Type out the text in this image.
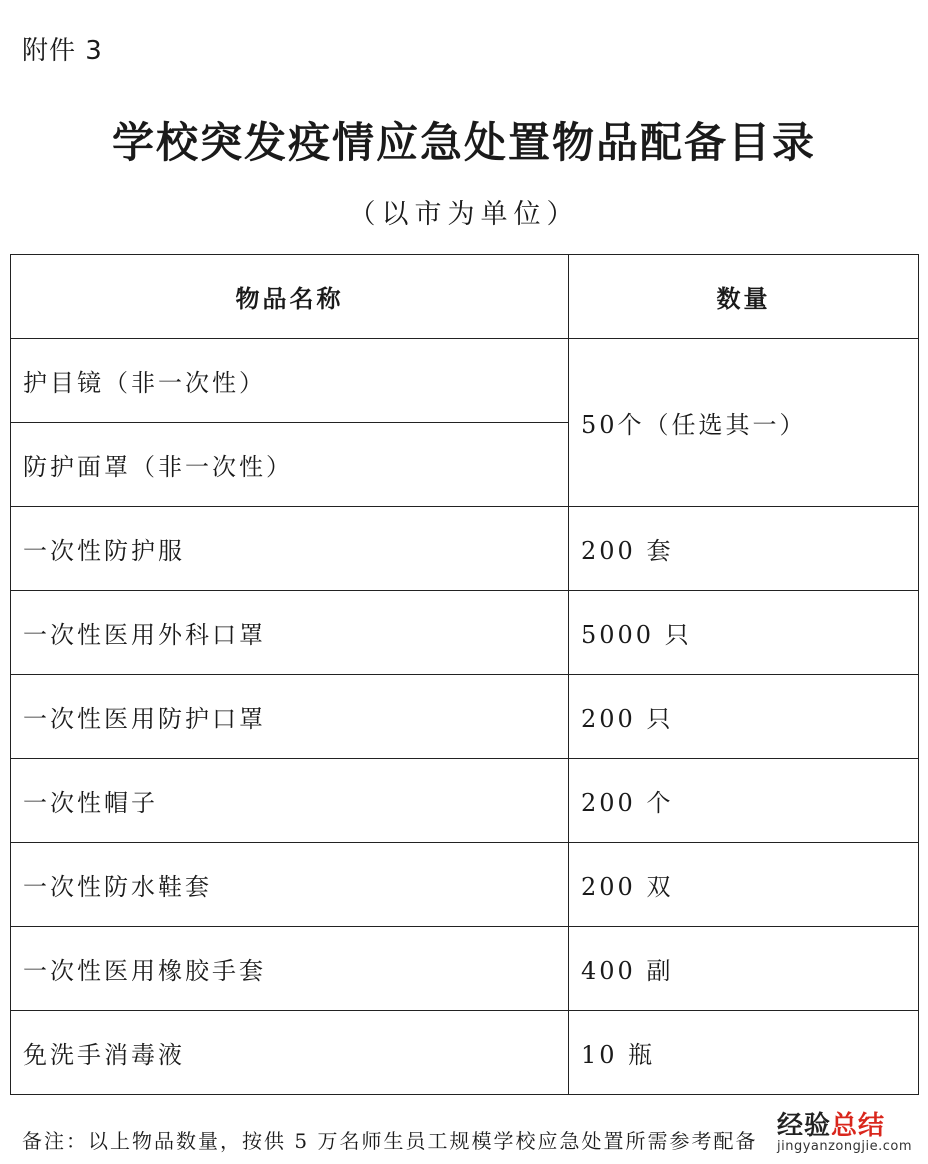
附件 3
学校突发疫情应急处置物品配备目录
（以市为单位）
物品名称	数量
护目镜（非一次性）	50个（任选其一）
防护面罩（非一次性）	
一次性防护服	200 套
一次性医用外科口罩	5000 只
一次性医用防护口罩	200 只
一次性帽子	200 个
一次性防水鞋套	200 双
一次性医用橡胶手套	400 副
免洗手消毒液	10 瓶
备注：以上物品数量，按供 5 万名师生员工规模学校应急处置所需参考配备 经验总结
jingyanzongjie.com
